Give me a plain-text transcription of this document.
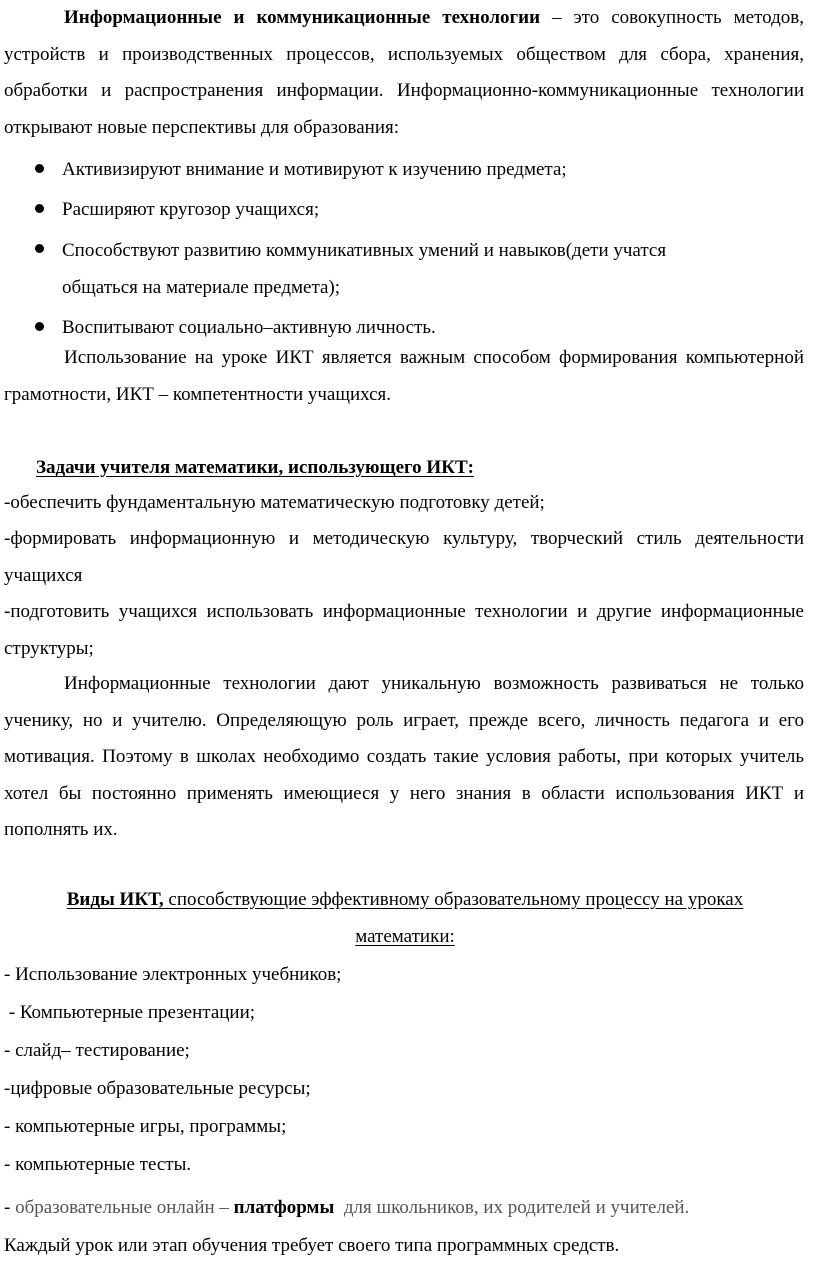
Информационные и коммуникационные технологии – это совокупность методов, устройств и производственных процессов, используемых обществом для сбора, хранения, обработки и распространения информации. Информационно-коммуникационные технологии открывают новые перспективы для образования:

Активизируют внимание и мотивируют к изучению предмета;
Расширяют кругозор учащихся;
Способствуют развитию коммуникативных умений и навыков(дети учатся общаться на материале предмета);
Воспитывают социально–активную личность.

Использование на уроке ИКТ является важным способом формирования компьютерной грамотности, ИКТ – компетентности учащихся.

Задачи учителя математики, использующего ИКТ:

-обеспечить фундаментальную математическую подготовку детей;

-формировать информационную и методическую культуру, творческий стиль деятельности учащихся

-подготовить учащихся использовать информационные технологии и другие информационные структуры;

Информационные технологии дают уникальную возможность развиваться не только ученику, но и учителю. Определяющую роль играет, прежде всего, личность педагога и его мотивация. Поэтому в школах необходимо создать такие условия работы, при которых учитель хотел бы постоянно применять имеющиеся у него знания в области использования ИКТ и пополнять их.

Виды ИКТ, способствующие эффективному образовательному процессу на уроках математики:

- Использование электронных учебников;

- Компьютерные презентации;

- слайд– тестирование;

-цифровые образовательные ресурсы;

- компьютерные игры, программы;

- компьютерные тесты.

- образовательные онлайн – платформы  для школьников, их родителей и учителей.

Каждый урок или этап обучения требует своего типа программных средств.
